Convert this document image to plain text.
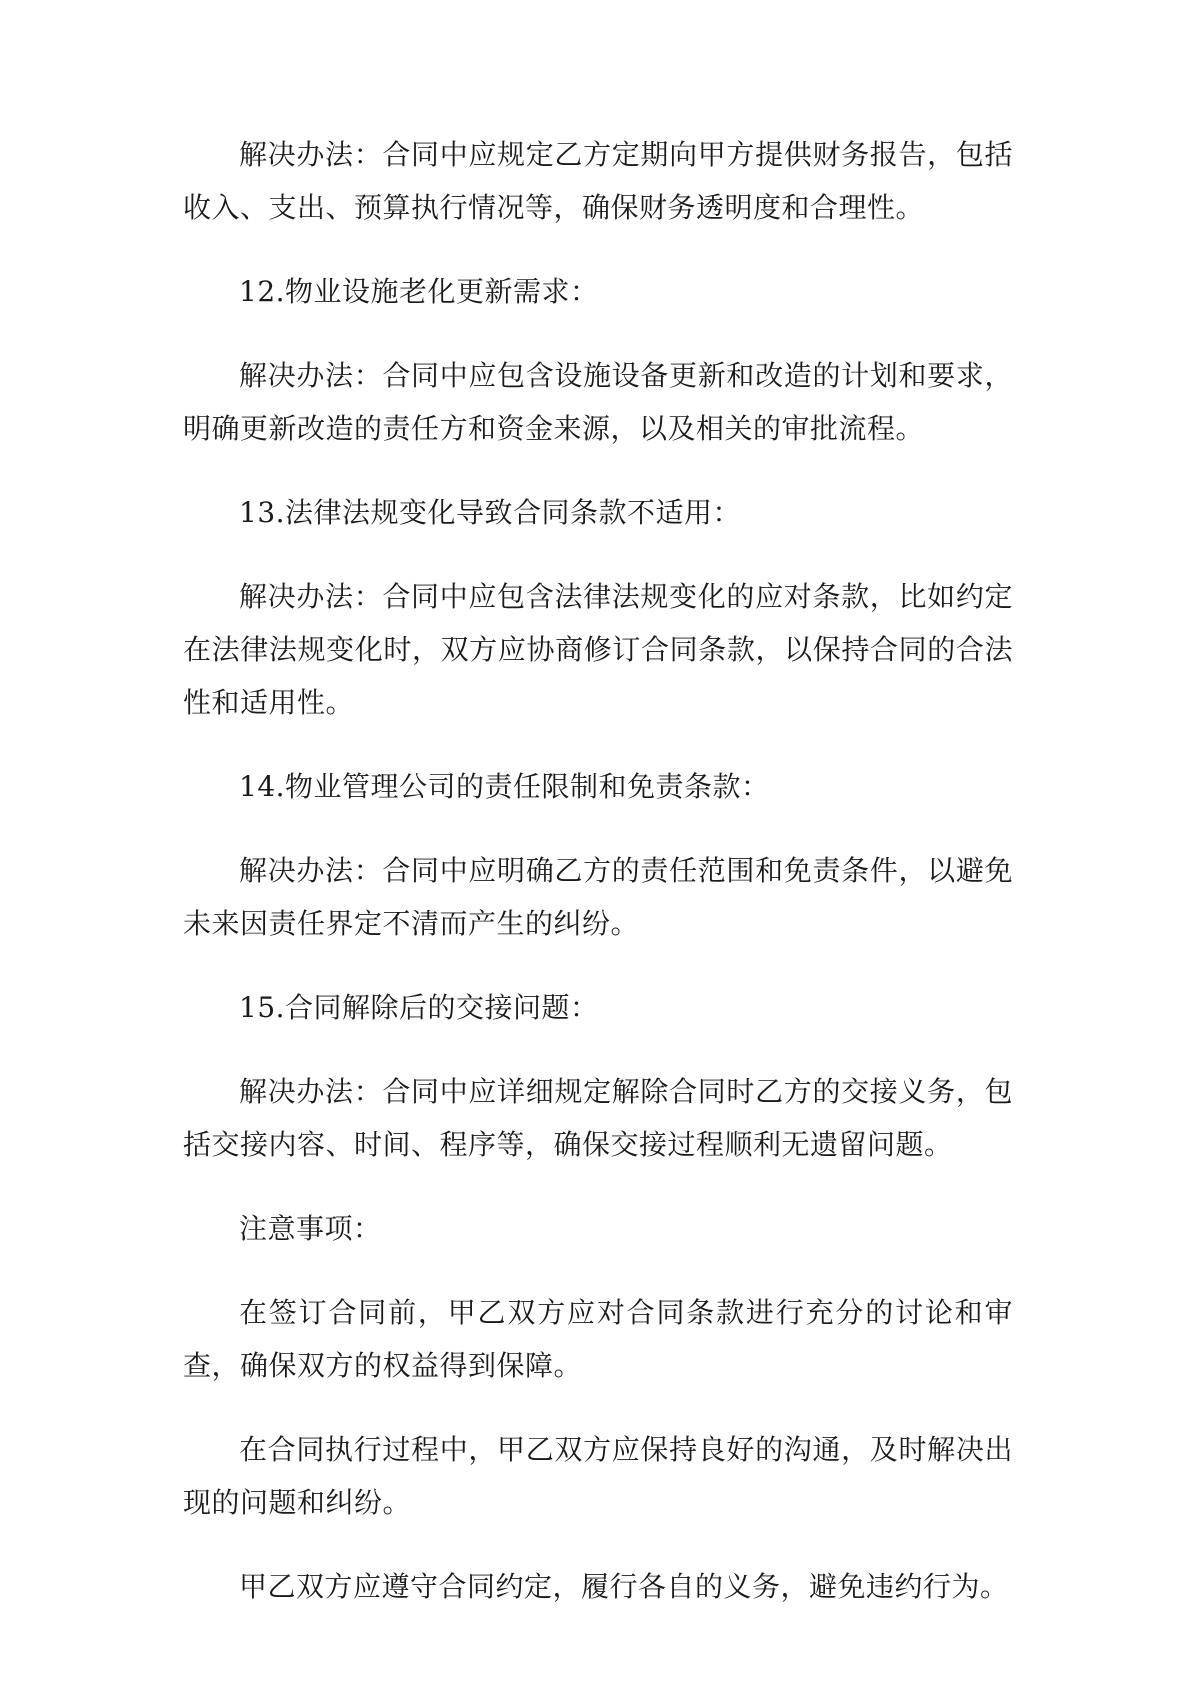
解决办法：合同中应规定乙方定期向甲方提供财务报告，包括收入、支出、预算执行情况等，确保财务透明度和合理性。

12.物业设施老化更新需求：

解决办法：合同中应包含设施设备更新和改造的计划和要求，明确更新改造的责任方和资金来源，以及相关的审批流程。

13.法律法规变化导致合同条款不适用：

解决办法：合同中应包含法律法规变化的应对条款，比如约定在法律法规变化时，双方应协商修订合同条款，以保持合同的合法性和适用性。

14.物业管理公司的责任限制和免责条款：

解决办法：合同中应明确乙方的责任范围和免责条件，以避免未来因责任界定不清而产生的纠纷。

15.合同解除后的交接问题：

解决办法：合同中应详细规定解除合同时乙方的交接义务，包括交接内容、时间、程序等，确保交接过程顺利无遗留问题。

注意事项：

在签订合同前，甲乙双方应对合同条款进行充分的讨论和审查，确保双方的权益得到保障。

在合同执行过程中，甲乙双方应保持良好的沟通，及时解决出现的问题和纠纷。

甲乙双方应遵守合同约定，履行各自的义务，避免违约行为。
